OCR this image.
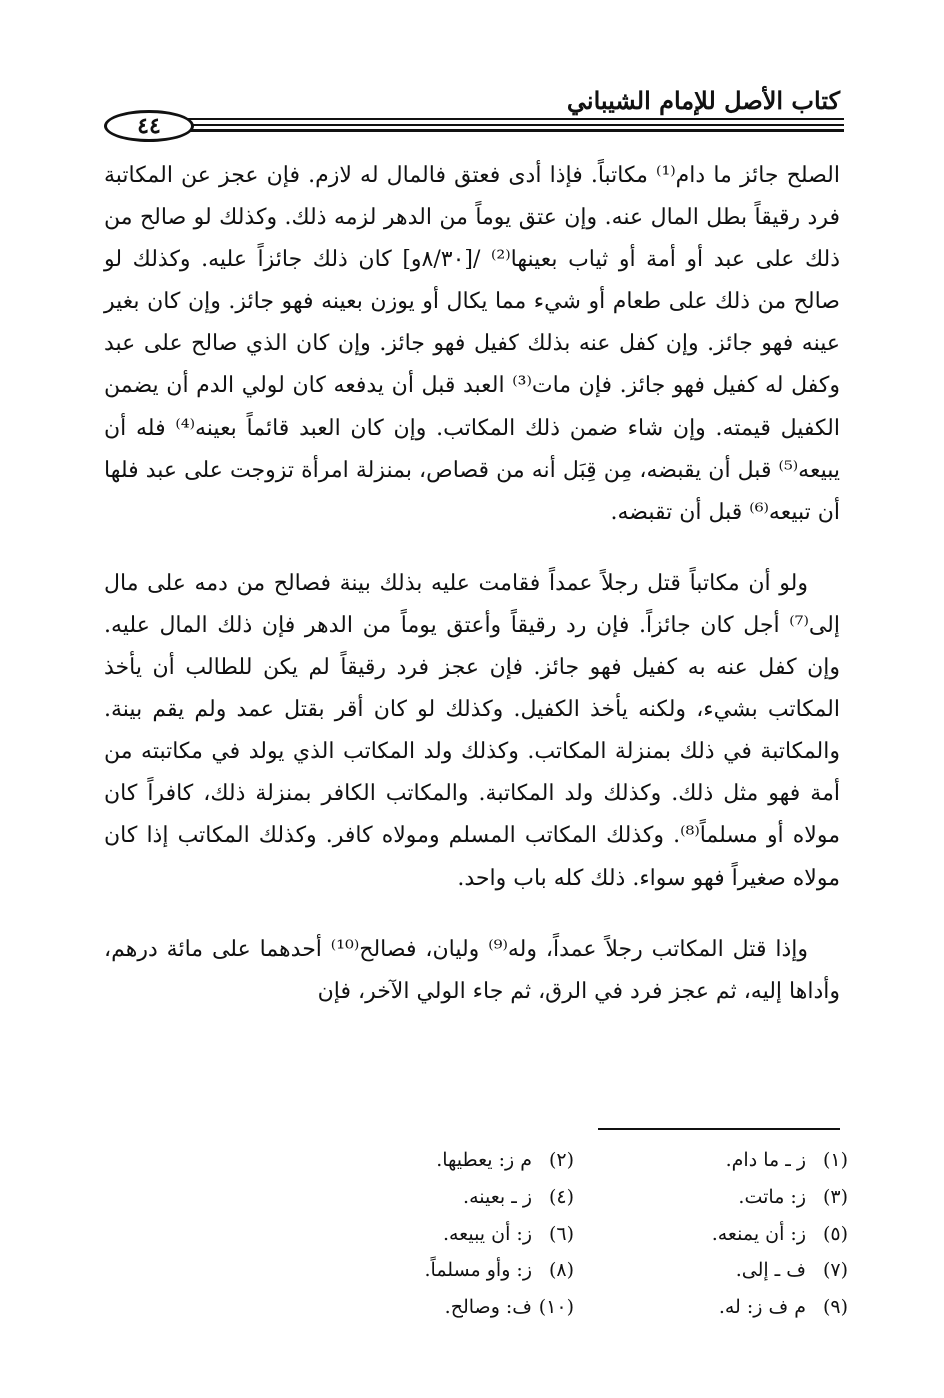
كتاب الأصل للإمام الشيباني
٤٤

الصلح جائز ما دام⁽¹⁾ مكاتباً. فإذا أدى فعتق فالمال له لازم. فإن عجز عن المكاتبة فرد رقيقاً بطل المال عنه. وإن عتق يوماً من الدهر لزمه ذلك. وكذلك لو صالح من ذلك على عبد أو أمة أو ثياب بعينها⁽²⁾ /[٨/٣٠و] كان ذلك جائزاً عليه. وكذلك لو صالح من ذلك على طعام أو شيء مما يكال أو يوزن بعينه فهو جائز. وإن كان بغير عينه فهو جائز. وإن كفل عنه بذلك كفيل فهو جائز. وإن كان الذي صالح على عبد وكفل له كفيل فهو جائز. فإن مات⁽³⁾ العبد قبل أن يدفعه كان لولي الدم أن يضمن الكفيل قيمته. وإن شاء ضمن ذلك المكاتب. وإن كان العبد قائماً بعينه⁽⁴⁾ فله أن يبيعه⁽⁵⁾ قبل أن يقبضه، مِن قِبَل أنه من قصاص، بمنزلة امرأة تزوجت على عبد فلها أن تبيعه⁽⁶⁾ قبل أن تقبضه.

ولو أن مكاتباً قتل رجلاً عمداً فقامت عليه بذلك بينة فصالح من دمه على مال إلى⁽⁷⁾ أجل كان جائزاً. فإن رد رقيقاً وأعتق يوماً من الدهر فإن ذلك المال عليه. وإن كفل عنه به كفيل فهو جائز. فإن عجز فرد رقيقاً لم يكن للطالب أن يأخذ المكاتب بشيء، ولكنه يأخذ الكفيل. وكذلك لو كان أقر بقتل عمد ولم يقم بينة. والمكاتبة في ذلك بمنزلة المكاتب. وكذلك ولد المكاتب الذي يولد في مكاتبته من أمة فهو مثل ذلك. وكذلك ولد المكاتبة. والمكاتب الكافر بمنزلة ذلك، كافراً كان مولاه أو مسلماً⁽⁸⁾. وكذلك المكاتب المسلم ومولاه كافر. وكذلك المكاتب إذا كان مولاه صغيراً فهو سواء. ذلك كله باب واحد.

وإذا قتل المكاتب رجلاً عمداً، وله⁽⁹⁾ وليان، فصالح⁽¹⁰⁾ أحدهما على مائة درهم، وأداها إليه، ثم عجز فرد في الرق، ثم جاء الولي الآخر، فإن

(١)ز ـ ما دام.
(٢)م ز: يعطيها.
(٣)ز: ماتت.
(٤)ز ـ بعينه.
(٥)ز: أن يمنعه.
(٦)ز: أن يبيعه.
(٧)ف ـ إلى.
(٨)ز: وأو مسلماً.
(٩)م ف ز: له.
(١٠)ف: وصالح.
